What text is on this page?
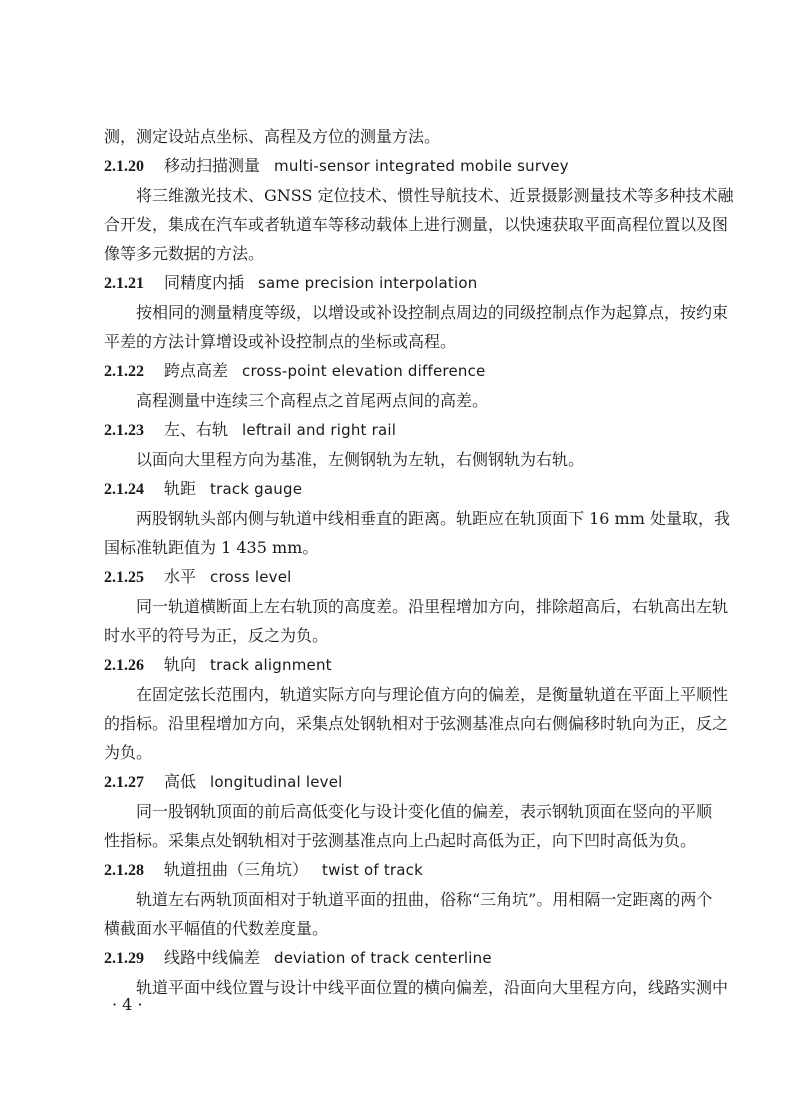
测，测定设站点坐标、高程及方位的测量方法。
2.1.20 移动扫描测量 multi-sensor integrated mobile survey
将三维激光技术、GNSS 定位技术、惯性导航技术、近景摄影测量技术等多种技术融
合开发，集成在汽车或者轨道车等移动载体上进行测量，以快速获取平面高程位置以及图
像等多元数据的方法。
2.1.21 同精度内插 same precision interpolation
按相同的测量精度等级，以增设或补设控制点周边的同级控制点作为起算点，按约束
平差的方法计算增设或补设控制点的坐标或高程。
2.1.22 跨点高差 cross-point elevation difference
高程测量中连续三个高程点之首尾两点间的高差。
2.1.23 左、右轨 leftrail and right rail
以面向大里程方向为基准，左侧钢轨为左轨，右侧钢轨为右轨。
2.1.24 轨距 track gauge
两股钢轨头部内侧与轨道中线相垂直的距离。轨距应在轨顶面下 16 mm 处量取，我
国标准轨距值为 1 435 mm。
2.1.25 水平 cross level
同一轨道横断面上左右轨顶的高度差。沿里程增加方向，排除超高后，右轨高出左轨
时水平的符号为正，反之为负。
2.1.26 轨向 track alignment
在固定弦长范围内，轨道实际方向与理论值方向的偏差，是衡量轨道在平面上平顺性
的指标。沿里程增加方向，采集点处钢轨相对于弦测基准点向右侧偏移时轨向为正，反之
为负。
2.1.27 高低 longitudinal level
同一股钢轨顶面的前后高低变化与设计变化值的偏差，表示钢轨顶面在竖向的平顺
性指标。采集点处钢轨相对于弦测基准点向上凸起时高低为正，向下凹时高低为负。
2.1.28 轨道扭曲（三角坑） twist of track
轨道左右两轨顶面相对于轨道平面的扭曲，俗称“三角坑”。用相隔一定距离的两个
横截面水平幅值的代数差度量。
2.1.29 线路中线偏差 deviation of track centerline
轨道平面中线位置与设计中线平面位置的横向偏差，沿面向大里程方向，线路实测中
· 4 ·
